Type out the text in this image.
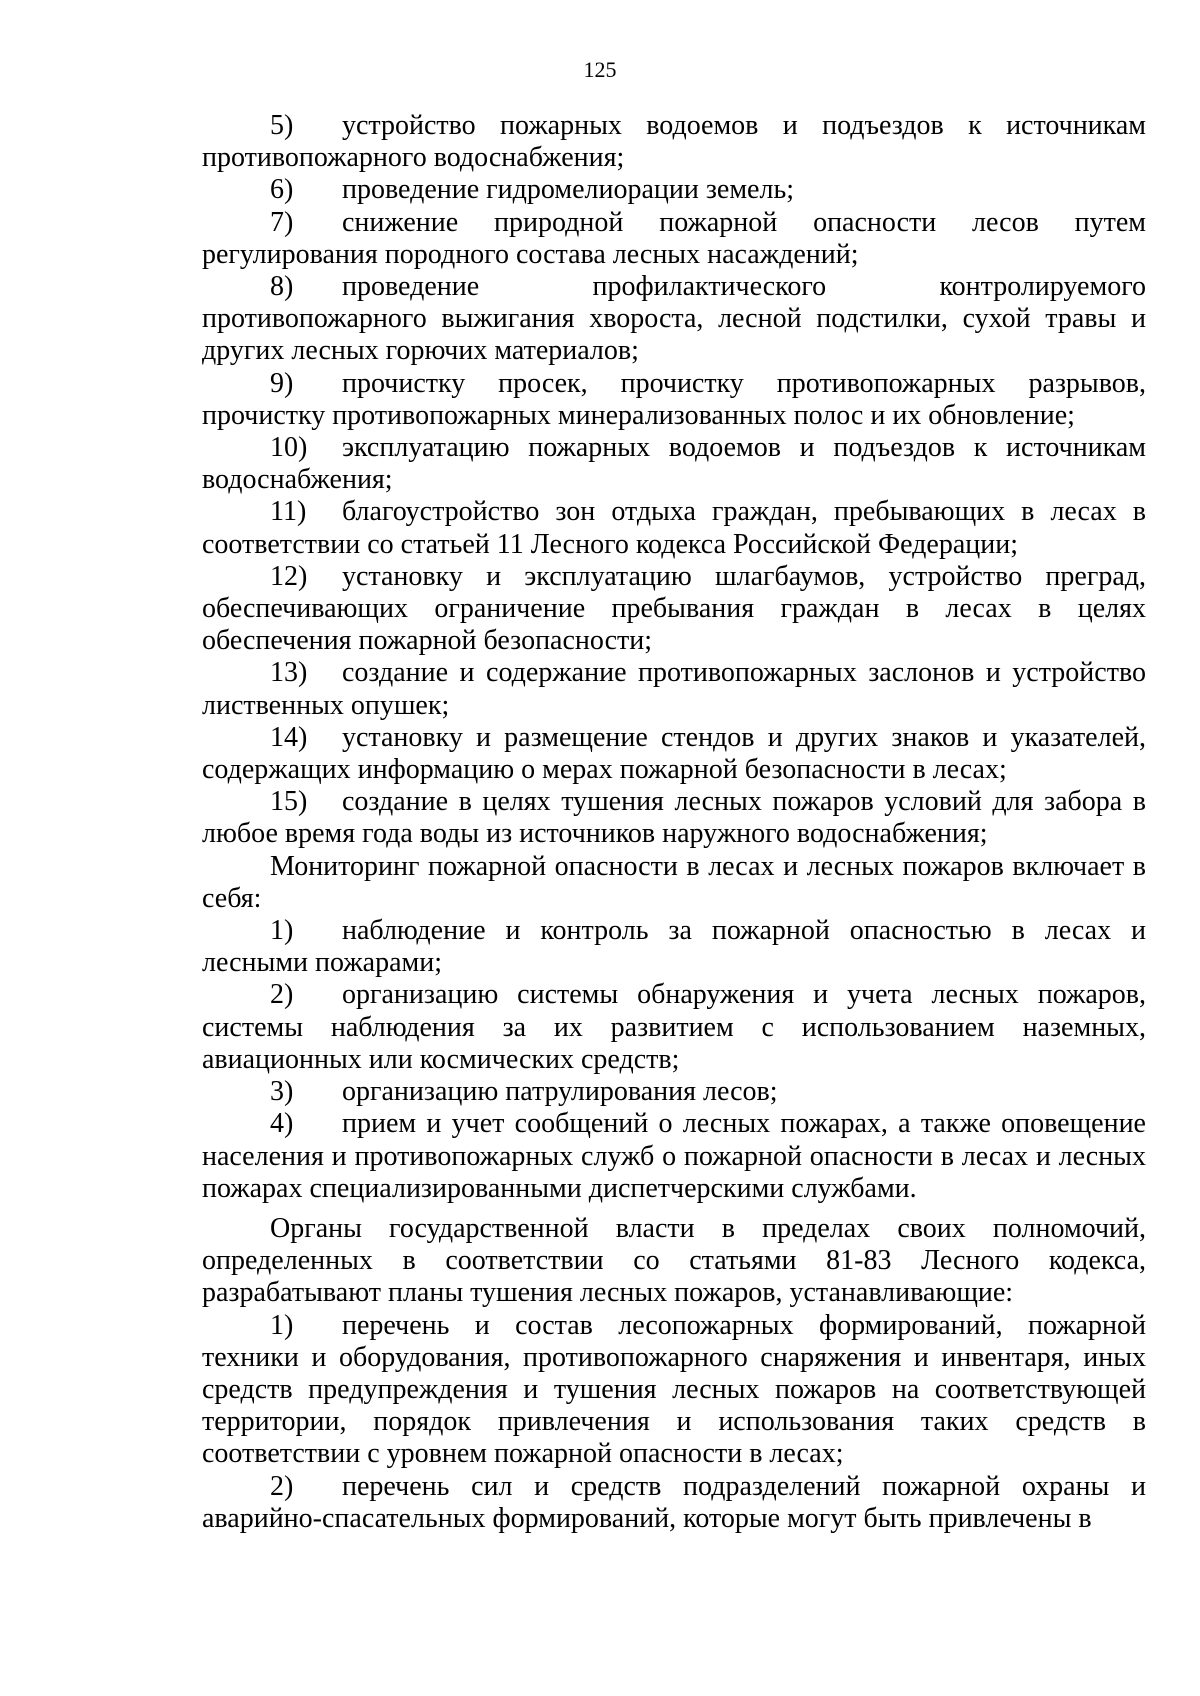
125

5) устройство пожарных водоемов и подъездов к источникам противопожарного водоснабжения;

6) проведение гидромелиорации земель;

7) снижение природной пожарной опасности лесов путем регулирования породного состава лесных насаждений;

8) проведение профилактического контролируемого противопожарного выжигания хвороста, лесной подстилки, сухой травы и других лесных горючих материалов;

9) прочистку просек, прочистку противопожарных разрывов, прочистку противопожарных минерализованных полос и их обновление;

10) эксплуатацию пожарных водоемов и подъездов к источникам водоснабжения;

11) благоустройство зон отдыха граждан, пребывающих в лесах в соответствии со статьей 11 Лесного кодекса Российской Федерации;

12) установку и эксплуатацию шлагбаумов, устройство преград, обеспечивающих ограничение пребывания граждан в лесах в целях обеспечения пожарной безопасности;

13) создание и содержание противопожарных заслонов и устройство лиственных опушек;

14) установку и размещение стендов и других знаков и указателей, содержащих информацию о мерах пожарной безопасности в лесах;

15) создание в целях тушения лесных пожаров условий для забора в любое время года воды из источников наружного водоснабжения;

Мониторинг пожарной опасности в лесах и лесных пожаров включает в себя:

1) наблюдение и контроль за пожарной опасностью в лесах и лесными пожарами;

2) организацию системы обнаружения и учета лесных пожаров, системы наблюдения за их развитием с использованием наземных, авиационных или космических средств;

3) организацию патрулирования лесов;

4) прием и учет сообщений о лесных пожарах, а также оповещение населения и противопожарных служб о пожарной опасности в лесах и лесных пожарах специализированными диспетчерскими службами.

Органы государственной власти в пределах своих полномочий, определенных в соответствии со статьями 81-83 Лесного кодекса, разрабатывают планы тушения лесных пожаров, устанавливающие:

1) перечень и состав лесопожарных формирований, пожарной техники и оборудования, противопожарного снаряжения и инвентаря, иных средств предупреждения и тушения лесных пожаров на соответствующей территории, порядок привлечения и использования таких средств в соответствии с уровнем пожарной опасности в лесах;

2) перечень сил и средств подразделений пожарной охраны и аварийно-спасательных формирований, которые могут быть привлечены в
